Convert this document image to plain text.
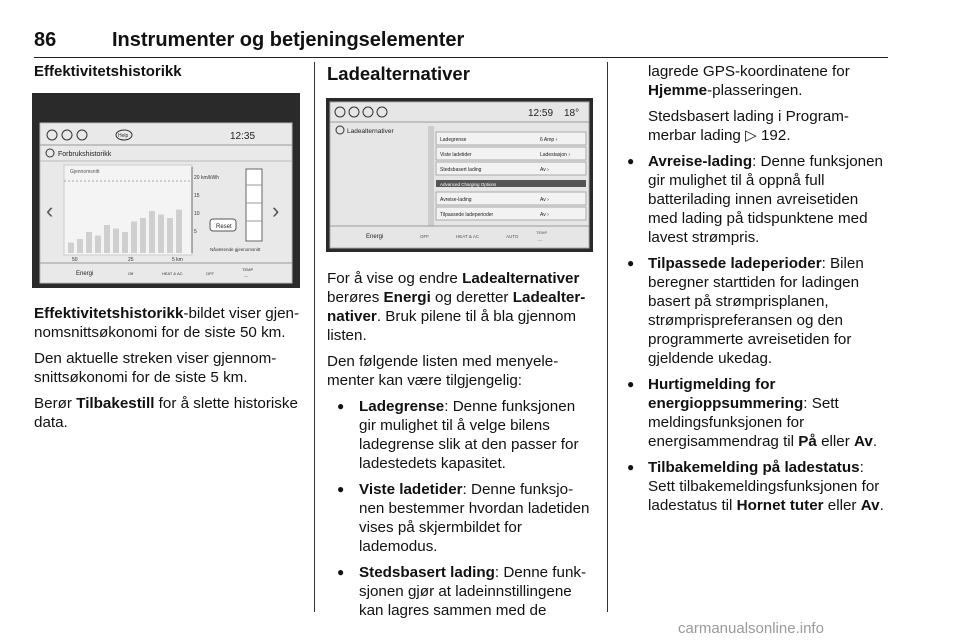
86	Instrumenter og betjeningselementer
Effektivitetshistorikk
Help	12:35
Forbrukshistorikk
‹	›
Gjennomsnitt
20 km/kWh
15
10
5
50	25	5 km
Reset
Nåværende gjennomsnitt
Energi	Off	HEAT & AC	OFF
TEMP
---

Effektivitetshistorikk-bildet viser gjennomsnittsøkonomi for de siste 50 km.

Den aktuelle streken viser gjennomsnittsøkonomi for de siste 5 km.

Berør Tilbakestill for å slette historiske data.

Ladealternativer
12:59 18°
Ladealternativer
Ladegrense	6 Amp ›
Viste ladetider	Ladestasjon ›
Stedsbasert lading	Av ›
Advanced Charging Options
Avreise-lading	Av ›
Tilpassede ladeperioder	Av ›
Energi	OFF	HEAT & AC	AUTO
TEMP
---

For å vise og endre Ladealternativer berøres Energi og deretter Ladealternativer. Bruk pilene til å bla gjennom listen.

Den følgende listen med menyelementer kan være tilgjengelig:

● Ladegrense: Denne funksjonen gir mulighet til å velge bilens ladegrense slik at den passer for ladestedets kapasitet.
● Viste ladetider: Denne funksjonen bestemmer hvordan ladetiden vises på skjermbildet for lademodus.
● Stedsbasert lading: Denne funksjonen gjør at ladeinnstillingene kan lagres sammen med de

lagrede GPS-koordinatene for Hjemme-plasseringen.

Stedsbasert lading i Programmerbar lading ▷ 192.

● Avreise-lading: Denne funksjonen gir mulighet til å oppnå full batterilading innen avreisetiden med lading på tidspunktene med lavest strømpris.
● Tilpassede ladeperioder: Bilen beregner starttiden for ladingen basert på strømprisplanen, strømprispreferansen og den programmerte avreisetiden for gjeldende ukedag.
● Hurtigmelding for energioppsummering: Sett meldingsfunksjonen for energisammendrag til På eller Av.
● Tilbakemelding på ladestatus: Sett tilbakemeldingsfunksjonen for ladestatus til Hornet tuter eller Av.
carmanualsonline.info
